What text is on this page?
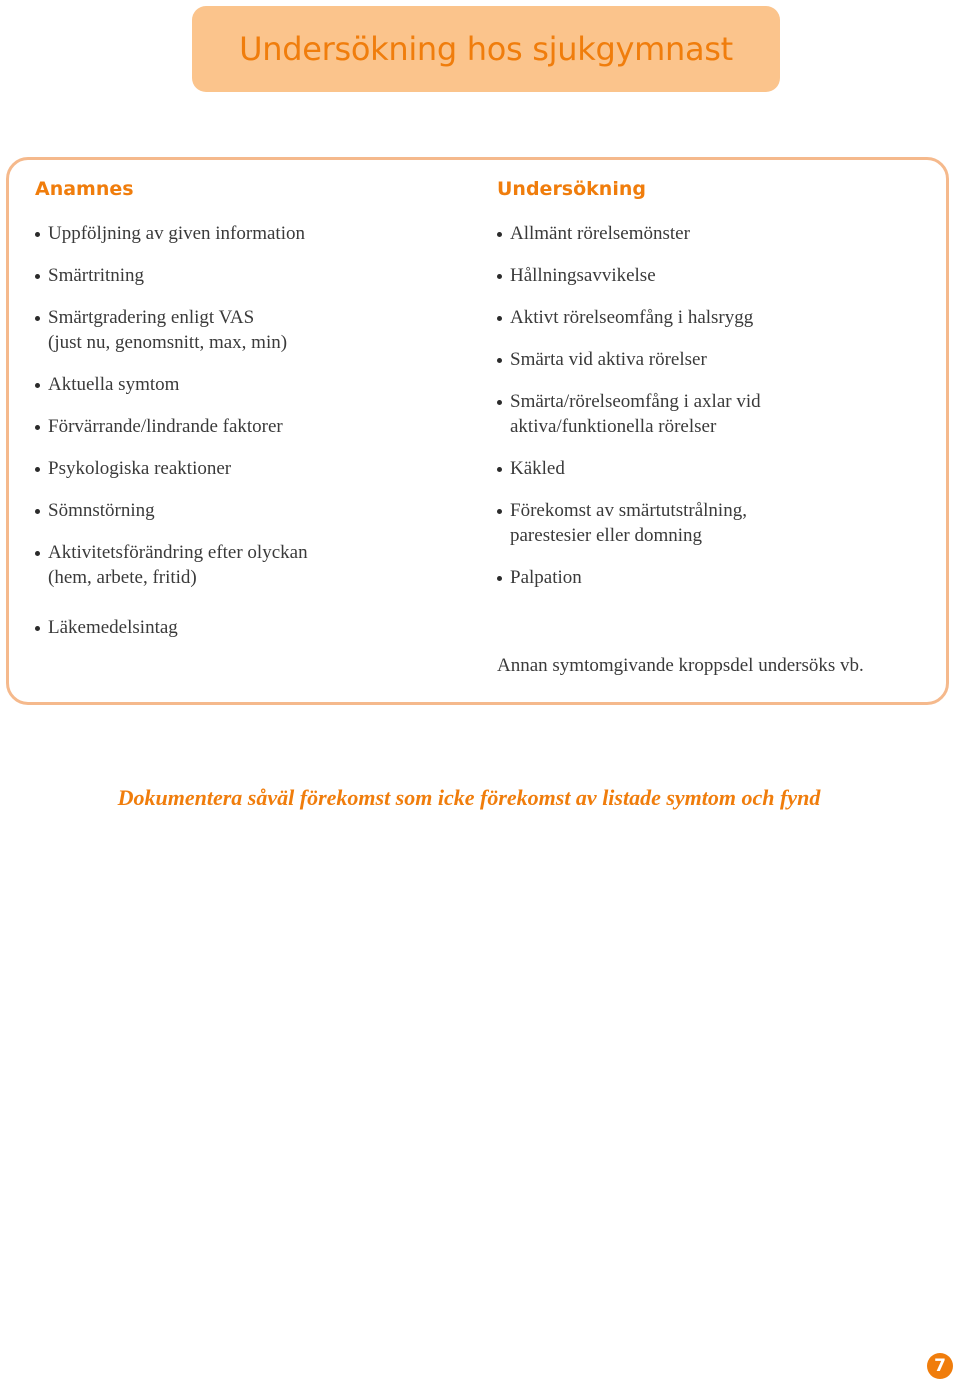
Undersökning hos sjukgymnast
Anamnes
Uppföljning av given information
Smärtritning
Smärtgradering enligt VAS
(just nu, genomsnitt, max, min)
Aktuella symtom
Förvärrande/lindrande faktorer
Psykologiska reaktioner
Sömnstörning
Aktivitetsförändring efter olyckan
(hem, arbete, fritid)
Läkemedelsintag
Undersökning
Allmänt rörelsemönster
Hållningsavvikelse
Aktivt rörelseomfång i halsrygg
Smärta vid aktiva rörelser
Smärta/rörelseomfång i axlar vid
aktiva/funktionella rörelser
Käkled
Förekomst av smärtutstrålning,
parestesier eller domning
Palpation
Annan symtomgivande kroppsdel undersöks vb.
Dokumentera såväl förekomst som icke förekomst av listade symtom och fynd
7
